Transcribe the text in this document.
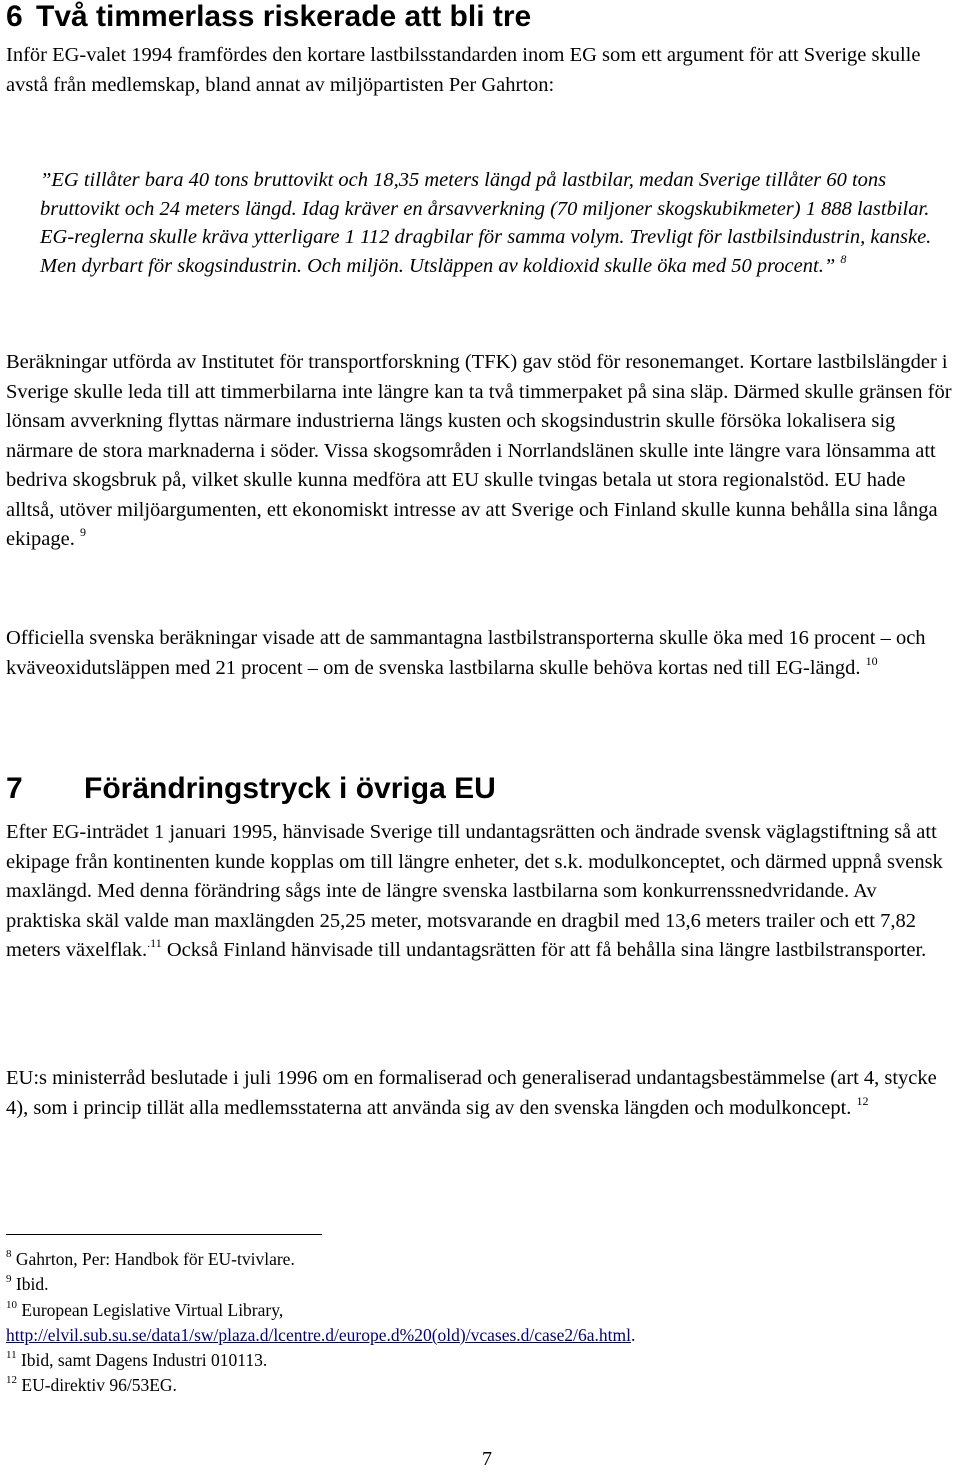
6 Två timmerlass riskerade att bli tre

Inför EG-valet 1994 framfördes den kortare lastbilsstandarden inom EG som ett argument för att Sverige skulle avstå från medlemskap, bland annat av miljöpartisten Per Gahrton:

”EG tillåter bara 40 tons bruttovikt och 18,35 meters längd på lastbilar, medan Sverige tillåter 60 tons bruttovikt och 24 meters längd. Idag kräver en årsavverkning (70 miljoner skogskubikmeter) 1 888 lastbilar. EG-reglerna skulle kräva ytterligare 1 112 dragbilar för samma volym. Trevligt för lastbilsindustrin, kanske. Men dyrbart för skogsindustrin. Och miljön. Utsläppen av koldioxid skulle öka med 50 procent.” $^8$

Beräkningar utförda av Institutet för transportforskning (TFK) gav stöd för resonemanget. Kortare lastbilslängder i Sverige skulle leda till att timmerbilarna inte längre kan ta två timmerpaket på sina släp. Därmed skulle gränsen för lönsam avverkning flyttas närmare industrierna längs kusten och skogsindustrin skulle försöka lokalisera sig närmare de stora marknaderna i söder. Vissa skogsområden i Norrlandslänen skulle inte längre vara lönsamma att bedriva skogsbruk på, vilket skulle kunna medföra att EU skulle tvingas betala ut stora regionalstöd. EU hade alltså, utöver miljöargumenten, ett ekonomiskt intresse av att Sverige och Finland skulle kunna behålla sina långa ekipage. $^9$

Officiella svenska beräkningar visade att de sammantagna lastbilstransporterna skulle öka med 16 procent – och kväveoxidutsläppen med 21 procent – om de svenska lastbilarna skulle behöva kortas ned till EG-längd. $^{10}$

7	Förändringstryck i övriga EU

Efter EG-inträdet 1 januari 1995, hänvisade Sverige till undantagsrätten och ändrade svensk väglagstiftning så att ekipage från kontinenten kunde kopplas om till längre enheter, det s.k. modulkonceptet, och därmed uppnå svensk maxlängd. Med denna förändring sågs inte de längre svenska lastbilarna som konkurrenssnedvridande. Av praktiska skäl valde man maxlängden 25,25 meter, motsvarande en dragbil med 13,6 meters trailer och ett 7,82 meters växelflak.$^{.11}$ Också Finland hänvisade till undantagsrätten för att få behålla sina längre lastbilstransporter.

EU:s ministerråd beslutade i juli 1996 om en formaliserad och generaliserad undantagsbestämmelse (art 4, stycke 4), som i princip tillät alla medlemsstaterna att använda sig av den svenska längden och modulkoncept. $^{12}$

$^8$ Gahrton, Per: Handbok för EU-tvivlare.

$^9$ Ibid.

$^{10}$ European Legislative Virtual Library,
http://elvil.sub.su.se/data1/sw/plaza.d/lcentre.d/europe.d%20(old)/vcases.d/case2/6a.html.

$^{11}$ Ibid, samt Dagens Industri 010113.

$^{12}$ EU-direktiv 96/53EG.

7
